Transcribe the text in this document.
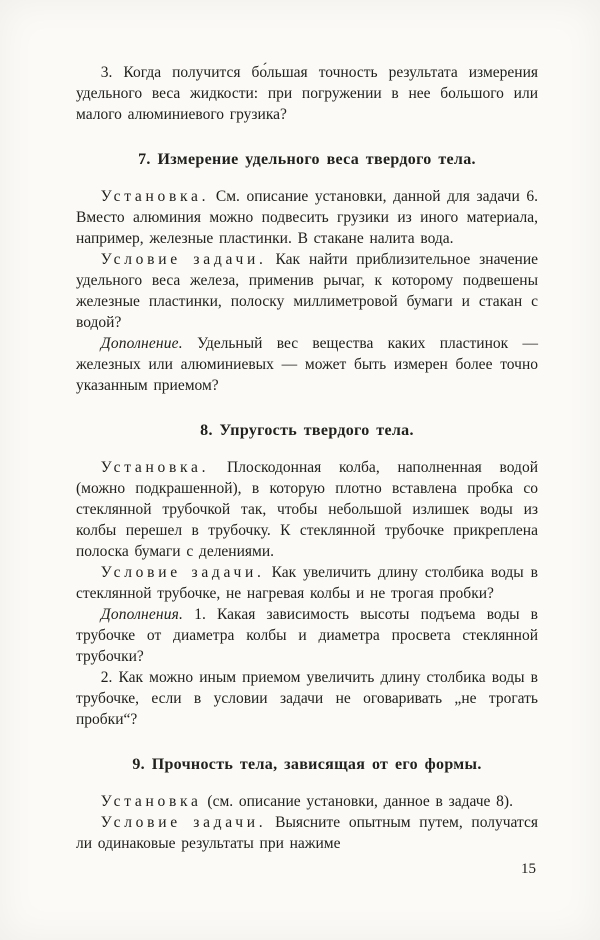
3. Когда получится бо́льшая точность результата измерения удельного веса жидкости: при погружении в нее большого или малого алюминиевого грузика?

7. Измерение удельного веса твердого тела.

Установка. См. описание установки, данной для задачи 6. Вместо алюминия можно подвесить грузики из иного материала, например, железные пластинки. В стакане налита вода.

Условие задачи. Как найти приблизительное значение удельного веса железа, применив рычаг, к которому подвешены железные пластинки, полоску миллиметровой бумаги и стакан с водой?

Дополнение. Удельный вес вещества каких пластинок — железных или алюминиевых — может быть измерен более точно указанным приемом?

8. Упругость твердого тела.

Установка. Плоскодонная колба, наполненная водой (можно подкрашенной), в которую плотно вставлена пробка со стеклянной трубочкой так, чтобы небольшой излишек воды из колбы перешел в трубочку. К стеклянной трубочке прикреплена полоска бумаги с делениями.

Условие задачи. Как увеличить длину столбика воды в стеклянной трубочке, не нагревая колбы и не трогая пробки?

Дополнения. 1. Какая зависимость высоты подъема воды в трубочке от диаметра колбы и диаметра просвета стеклянной трубочки?

2. Как можно иным приемом увеличить длину столбика воды в трубочке, если в условии задачи не оговаривать „не трогать пробки“?

9. Прочность тела, зависящая от его формы.

Установка (см. описание установки, данное в задаче 8).

Условие задачи. Выясните опытным путем, получатся ли одинаковые результаты при нажиме

15
